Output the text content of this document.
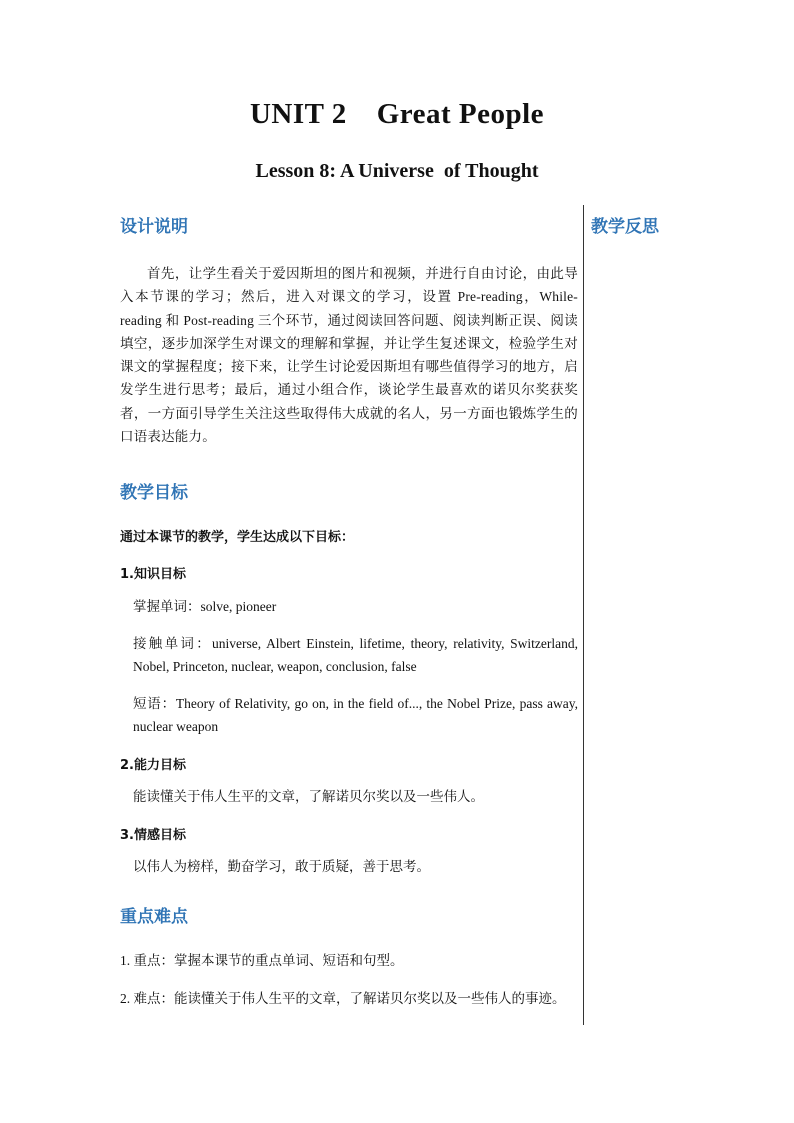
UNIT 2 Great People
Lesson 8: A Universe  of Thought
教学反思
设计说明

首先，让学生看关于爱因斯坦的图片和视频，并进行自由讨论，由此导入本节课的学习；然后，进入对课文的学习，设置 Pre-reading，While-reading 和 Post-reading 三个环节，通过阅读回答问题、阅读判断正误、阅读填空，逐步加深学生对课文的理解和掌握，并让学生复述课文，检验学生对课文的掌握程度；接下来，让学生讨论爱因斯坦有哪些值得学习的地方，启发学生进行思考；最后，通过小组合作，谈论学生最喜欢的诺贝尔奖获奖者，一方面引导学生关注这些取得伟大成就的名人，另一方面也锻炼学生的口语表达能力。

教学目标

通过本课节的教学，学生达成以下目标：

1.知识目标

掌握单词：solve, pioneer

接触单词：universe, Albert Einstein, lifetime, theory, relativity, Switzerland, Nobel, Princeton, nuclear, weapon, conclusion, false

短语：Theory of Relativity, go on, in the field of..., the Nobel Prize, pass away, nuclear weapon

2.能力目标

能读懂关于伟人生平的文章，了解诺贝尔奖以及一些伟人。

3.情感目标

以伟人为榜样，勤奋学习，敢于质疑，善于思考。

重点难点

1. 重点：掌握本课节的重点单词、短语和句型。

2. 难点：能读懂关于伟人生平的文章，了解诺贝尔奖以及一些伟人的事迹。
